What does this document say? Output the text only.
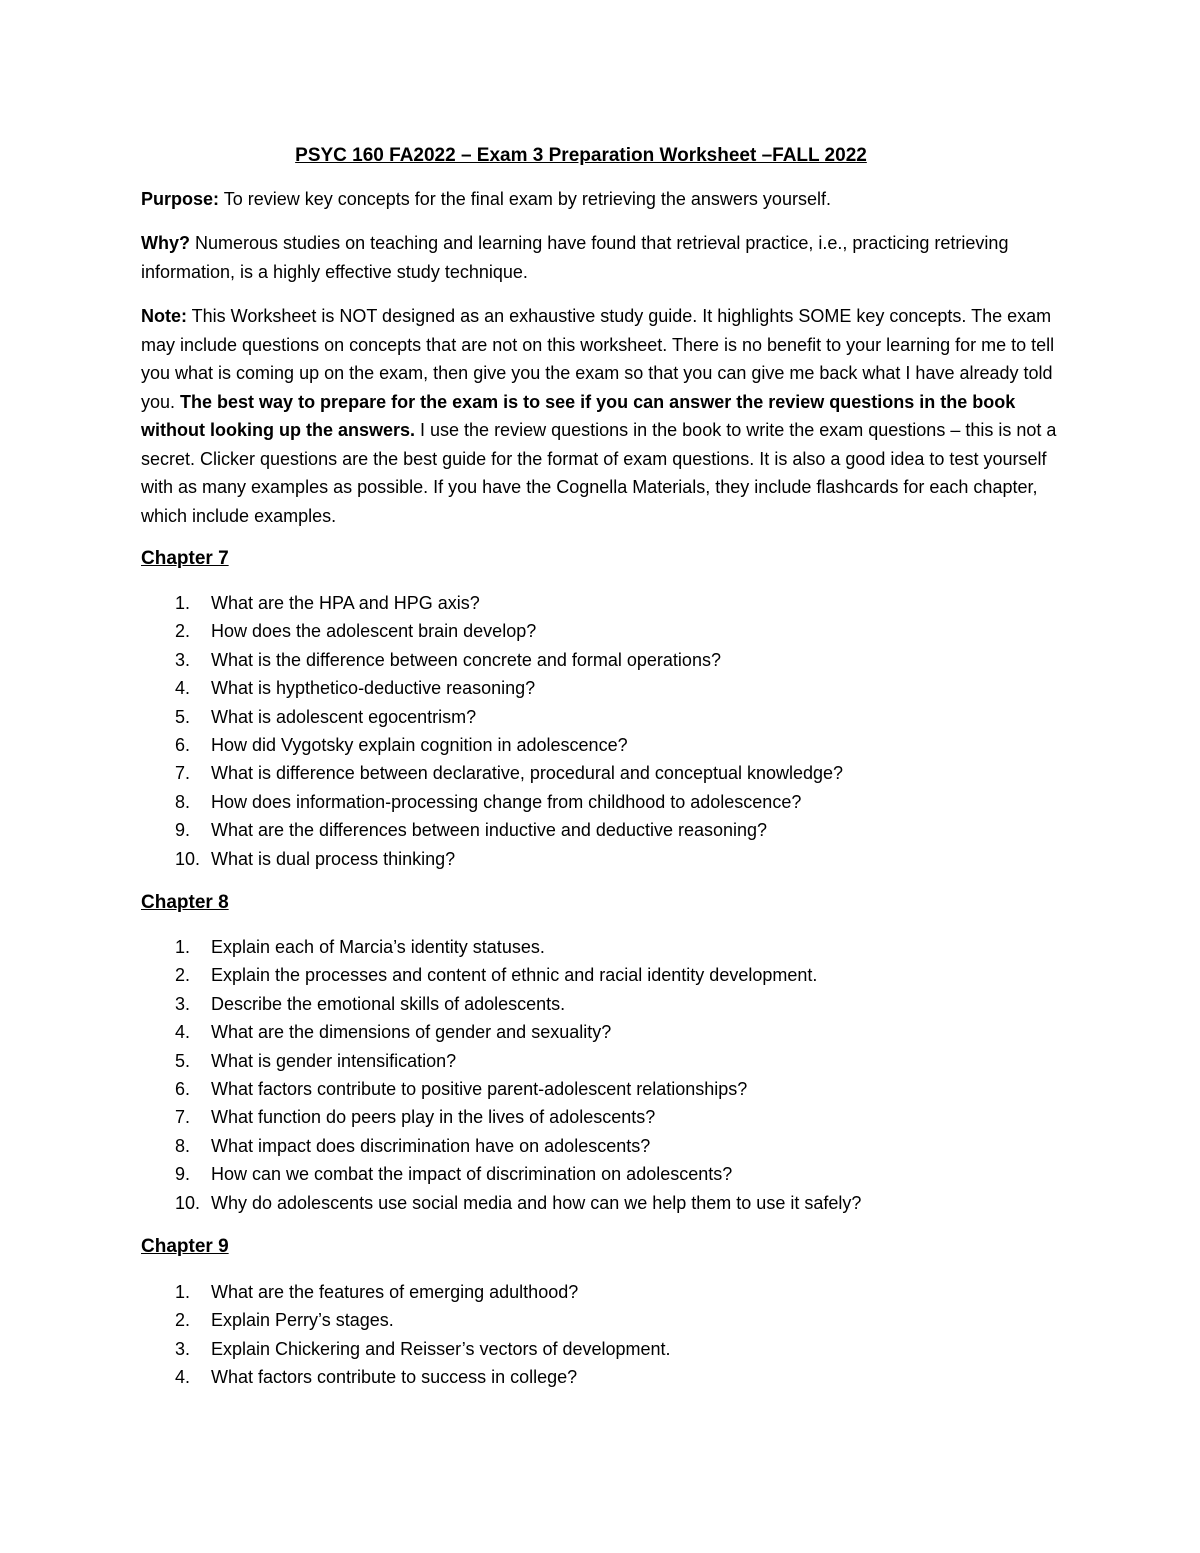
PSYC 160 FA2022 – Exam 3 Preparation Worksheet –FALL 2022

Purpose: To review key concepts for the final exam by retrieving the answers yourself.

Why? Numerous studies on teaching and learning have found that retrieval practice, i.e., practicing retrieving information, is a highly effective study technique.

Note: This Worksheet is NOT designed as an exhaustive study guide. It highlights SOME key concepts. The exam may include questions on concepts that are not on this worksheet. There is no benefit to your learning for me to tell you what is coming up on the exam, then give you the exam so that you can give me back what I have already told you. The best way to prepare for the exam is to see if you can answer the review questions in the book without looking up the answers. I use the review questions in the book to write the exam questions – this is not a secret. Clicker questions are the best guide for the format of exam questions. It is also a good idea to test yourself with as many examples as possible. If you have the Cognella Materials, they include flashcards for each chapter, which include examples.

Chapter 7
1.	What are the HPA and HPG axis?
2.	How does the adolescent brain develop?
3.	What is the difference between concrete and formal operations?
4.	What is hypthetico-deductive reasoning?
5.	What is adolescent egocentrism?
6.	How did Vygotsky explain cognition in adolescence?
7.	What is difference between declarative, procedural and conceptual knowledge?
8.	How does information-processing change from childhood to adolescence?
9.	What are the differences between inductive and deductive reasoning?
10. What is dual process thinking?
Chapter 8
1.	Explain each of Marcia’s identity statuses.
2.	Explain the processes and content of ethnic and racial identity development.
3.	Describe the emotional skills of adolescents.
4.	What are the dimensions of gender and sexuality?
5.	What is gender intensification?
6.	What factors contribute to positive parent-adolescent relationships?
7.	What function do peers play in the lives of adolescents?
8.	What impact does discrimination have on adolescents?
9.	How can we combat the impact of discrimination on adolescents?
10. Why do adolescents use social media and how can we help them to use it safely?
Chapter 9
1.	What are the features of emerging adulthood?
2.	Explain Perry’s stages.
3.	Explain Chickering and Reisser’s vectors of development.
4.	What factors contribute to success in college?
